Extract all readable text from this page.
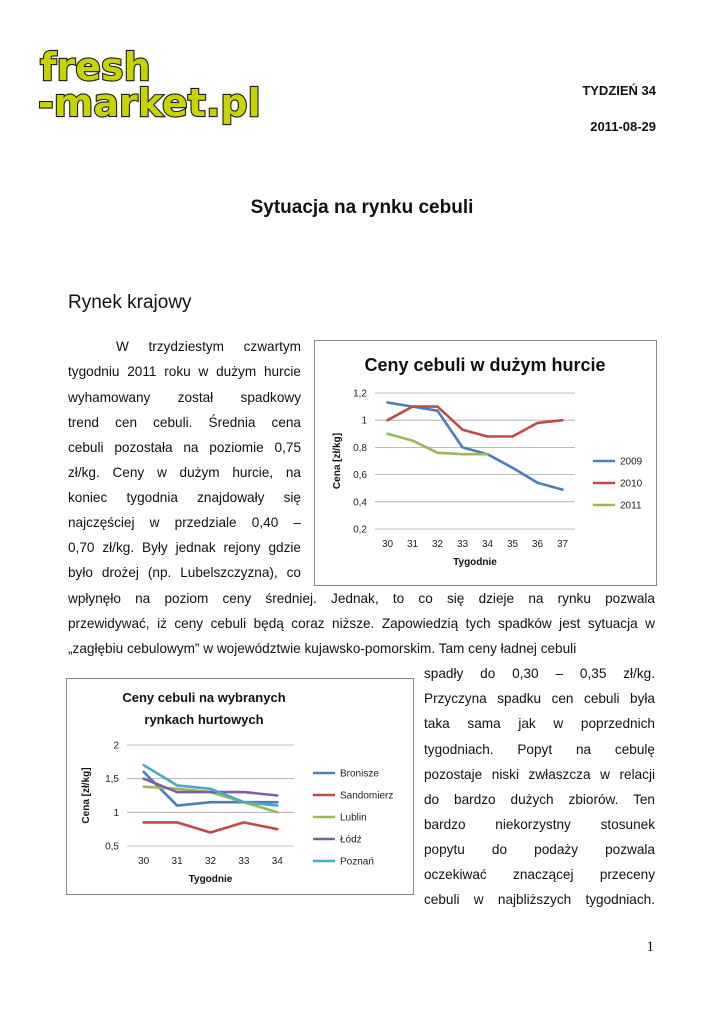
fresh
-market.pl	TYDZIEŃ 34
2011-08-29
Sytuacja na rynku cebuli
Rynek krajowy
W trzydziestym czwartym
tygodniu 2011 roku w dużym hurcie
wyhamowany został spadkowy
trend cen cebuli. Średnia cena
cebuli pozostała na poziomie 0,75
zł/kg. Ceny w dużym hurcie, na
koniec tygodnia znajdowały się
najczęściej w przedziale 0,40 –
0,70 zł/kg. Były jednak rejony gdzie
było drożej (np. Lubelszczyzna), co
wpłynęło na poziom ceny średniej. Jednak, to co się dzieje na rynku pozwala
przewidywać, iż ceny cebuli będą coraz niższe. Zapowiedzią tych spadków jest sytuacja w
„zagłębiu cebulowym” w województwie kujawsko-pomorskim. Tam ceny ładnej cebuli
spadły do 0,30 – 0,35 zł/kg.
Przyczyna spadku cen cebuli była
taka sama jak w poprzednich
tygodniach. Popyt na cebulę
pozostaje niski zwłaszcza w relacji
do bardzo dużych zbiorów. Ten
bardzo niekorzystny stosunek
popytu do podaży pozwala
oczekiwać znaczącej przeceny
cebuli w najbliższych tygodniach.
Ceny cebuli w dużym hurcie
0,2
0,4
0,6
0,8
1
1,2
30 31 32 33 34 35 36 37
Tygodnie
Cena [zł/kg]	2009
2010
2011
Ceny cebuli na wybranych
rynkach hurtowych
0,5
1
1,5
2
30 31 32 33 34
Tygodnie
Cena [zł/kg]	Bronisze
Sandomierz
Lublin
Łódź
Poznań
1
